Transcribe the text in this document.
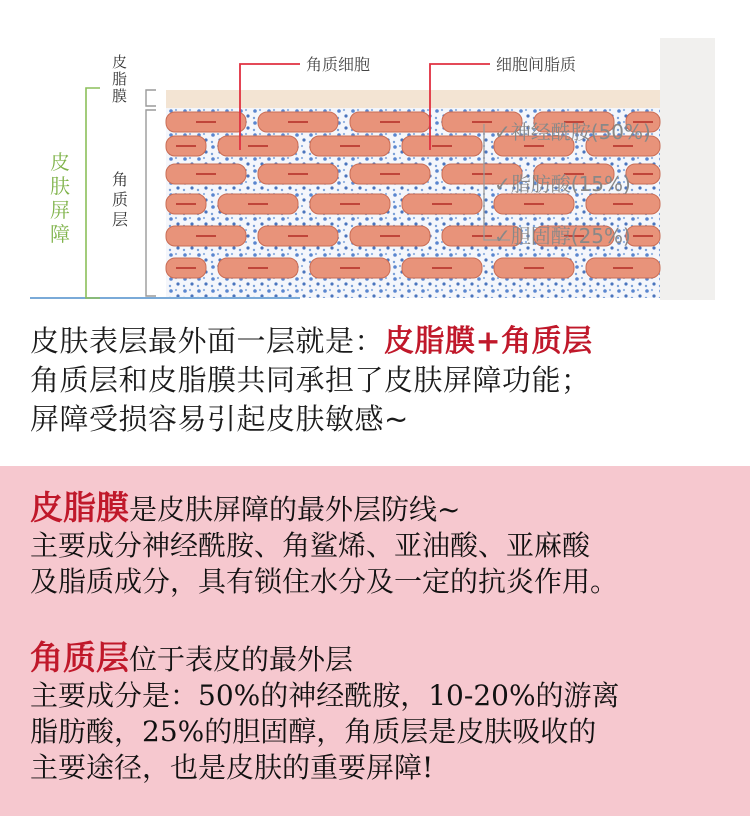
皮
脂
膜
角
质
层
皮
肤
屏
障
角质细胞	细胞间脂质
✓神经酰胺(50%)
✓脂肪酸(15%)
✓胆固醇(25%)
皮肤表层最外面一层就是：皮脂膜+角质层
角质层和皮脂膜共同承担了皮肤屏障功能；
屏障受损容易引起皮肤敏感~
皮脂膜是皮肤屏障的最外层防线~
主要成分神经酰胺、角鲨烯、亚油酸、亚麻酸
及脂质成分，具有锁住水分及一定的抗炎作用。
角质层位于表皮的最外层
主要成分是：50%的神经酰胺，10-20%的游离
脂肪酸，25%的胆固醇，角质层是皮肤吸收的
主要途径，也是皮肤的重要屏障!
